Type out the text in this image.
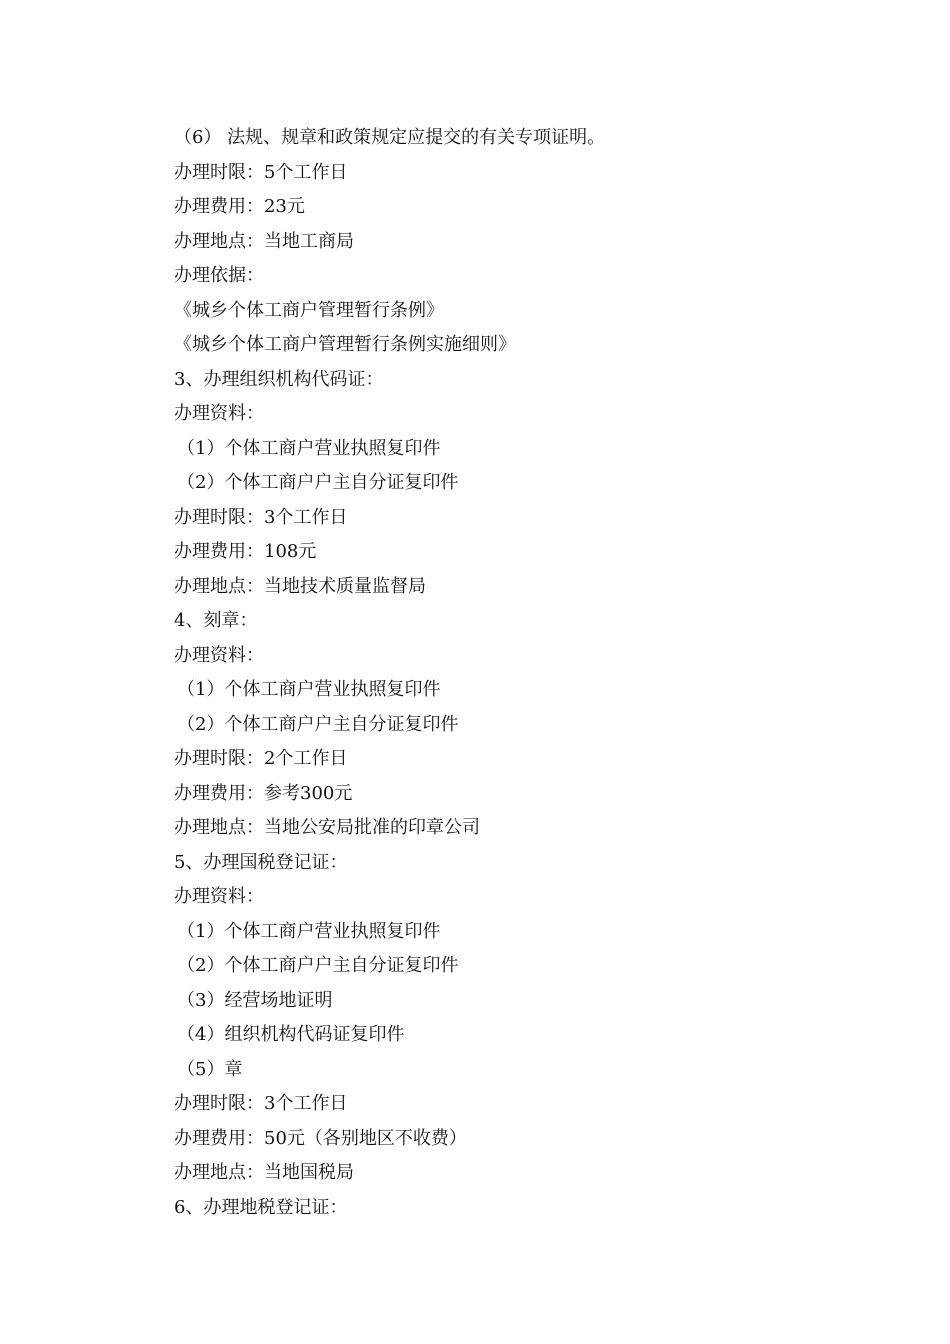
（6） 法规、规章和政策规定应提交的有关专项证明。
办理时限：5个工作日
办理费用：23元
办理地点：当地工商局
办理依据：
《城乡个体工商户管理暂行条例》
《城乡个体工商户管理暂行条例实施细则》
3、办理组织机构代码证：
办理资料：
（1）个体工商户营业执照复印件
（2）个体工商户户主自分证复印件
办理时限：3个工作日
办理费用：108元
办理地点：当地技术质量监督局
4、刻章：
办理资料：
（1）个体工商户营业执照复印件
（2）个体工商户户主自分证复印件
办理时限：2个工作日
办理费用：参考300元
办理地点：当地公安局批准的印章公司
5、办理国税登记证：
办理资料：
（1）个体工商户营业执照复印件
（2）个体工商户户主自分证复印件
（3）经营场地证明
（4）组织机构代码证复印件
（5）章
办理时限：3个工作日
办理费用：50元（各别地区不收费）
办理地点：当地国税局
6、办理地税登记证：
